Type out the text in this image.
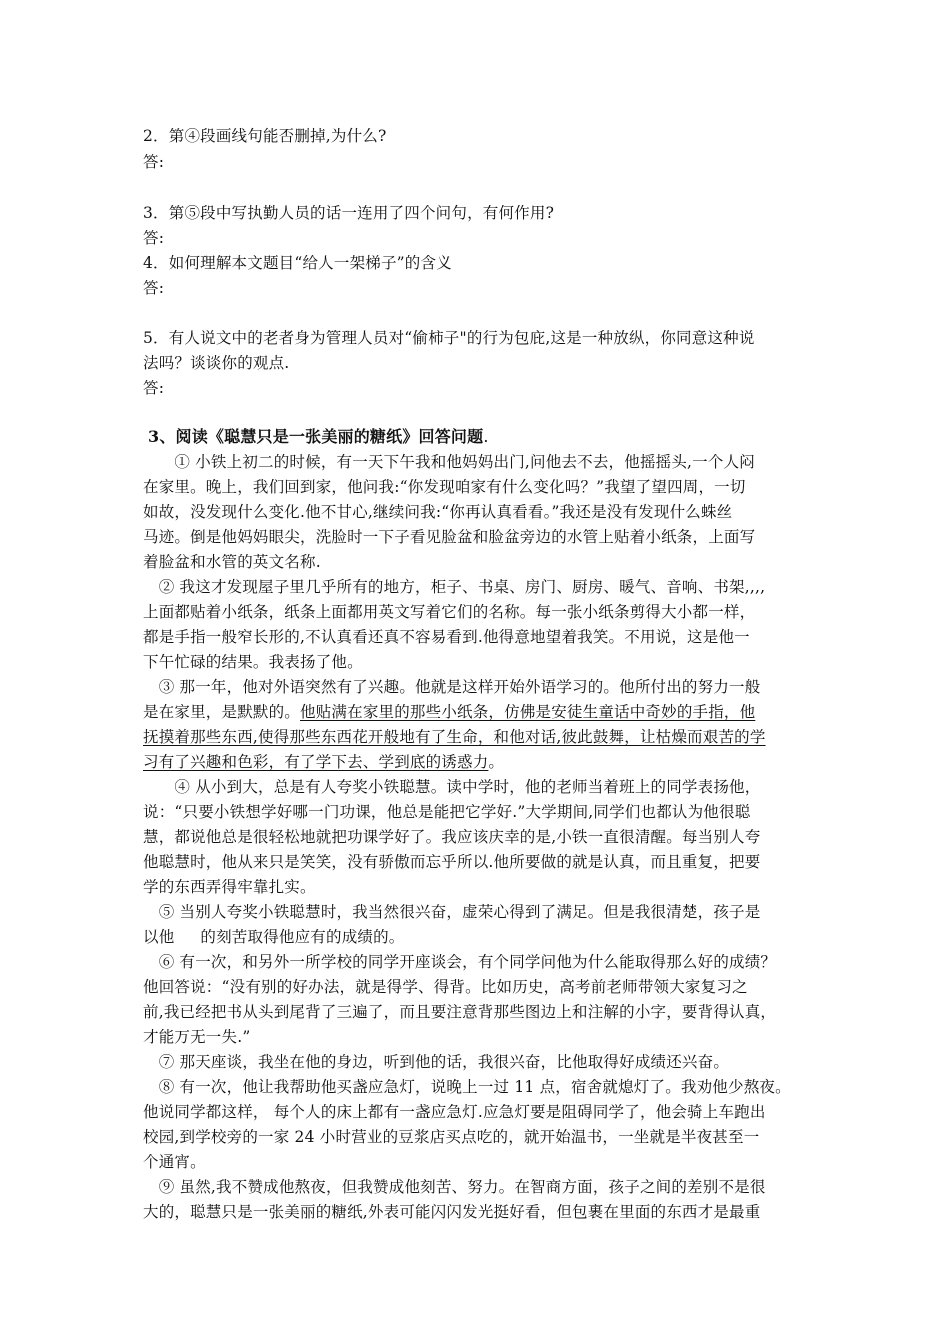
2．第④段画线句能否删掉,为什么?
答:
3．第⑤段中写执勤人员的话一连用了四个问句，有何作用?
答:
4．如何理解本文题目“给人一架梯子”的含义
答:
5．有人说文中的老者身为管理人员对“偷柿子"的行为包庇,这是一种放纵，你同意这种说
法吗？谈谈你的观点.
答:
3、阅读《聪慧只是一张美丽的糖纸》回答问题.
　　① 小铁上初二的时候，有一天下午我和他妈妈出门,问他去不去，他摇摇头,一个人闷
在家里。晚上，我们回到家，他问我:“你发现咱家有什么变化吗？”我望了望四周，一切
如故，没发现什么变化.他不甘心,继续问我:“你再认真看看。”我还是没有发现什么蛛丝
马迹。倒是他妈妈眼尖，洗脸时一下子看见脸盆和脸盆旁边的水管上贴着小纸条，上面写
着脸盆和水管的英文名称.
　② 我这才发现屋子里几乎所有的地方，柜子、书桌、房门、厨房、暖气、音响、书架,,,,
上面都贴着小纸条，纸条上面都用英文写着它们的名称。每一张小纸条剪得大小都一样，
都是手指一般窄长形的,不认真看还真不容易看到.他得意地望着我笑。不用说，这是他一
下午忙碌的结果。我表扬了他。
　③ 那一年，他对外语突然有了兴趣。他就是这样开始外语学习的。他所付出的努力一般
是在家里，是默默的。他贴满在家里的那些小纸条，仿佛是安徒生童话中奇妙的手指，他
抚摸着那些东西,使得那些东西花开般地有了生命，和他对话,彼此鼓舞，让枯燥而艰苦的学
习有了兴趣和色彩，有了学下去、学到底的诱惑力。
　　④ 从小到大，总是有人夸奖小铁聪慧。读中学时，他的老师当着班上的同学表扬他，
说：“只要小铁想学好哪一门功课，他总是能把它学好.”大学期间,同学们也都认为他很聪
慧，都说他总是很轻松地就把功课学好了。我应该庆幸的是,小铁一直很清醒。每当别人夸
他聪慧时，他从来只是笑笑，没有骄傲而忘乎所以.他所要做的就是认真，而且重复，把要
学的东西弄得牢靠扎实。
　⑤ 当别人夸奖小铁聪慧时，我当然很兴奋，虚荣心得到了满足。但是我很清楚，孩子是
以他 的刻苦取得他应有的成绩的。
　⑥ 有一次，和另外一所学校的同学开座谈会，有个同学问他为什么能取得那么好的成绩？
他回答说：“没有别的好办法，就是得学、得背。比如历史，高考前老师带领大家复习之
前,我已经把书从头到尾背了三遍了，而且要注意背那些图边上和注解的小字，要背得认真，
才能万无一失.”
　⑦ 那天座谈，我坐在他的身边，听到他的话，我很兴奋，比他取得好成绩还兴奋。
　⑧ 有一次，他让我帮助他买盏应急灯，说晚上一过 11 点，宿舍就熄灯了。我劝他少熬夜。
他说同学都这样， 每个人的床上都有一盏应急灯.应急灯要是阻碍同学了，他会骑上车跑出
校园,到学校旁的一家 24 小时营业的豆浆店买点吃的，就开始温书，一坐就是半夜甚至一
个通宵。
　⑨ 虽然,我不赞成他熬夜，但我赞成他刻苦、努力。在智商方面，孩子之间的差别不是很
大的，聪慧只是一张美丽的糖纸,外表可能闪闪发光挺好看，但包裹在里面的东西才是最重
